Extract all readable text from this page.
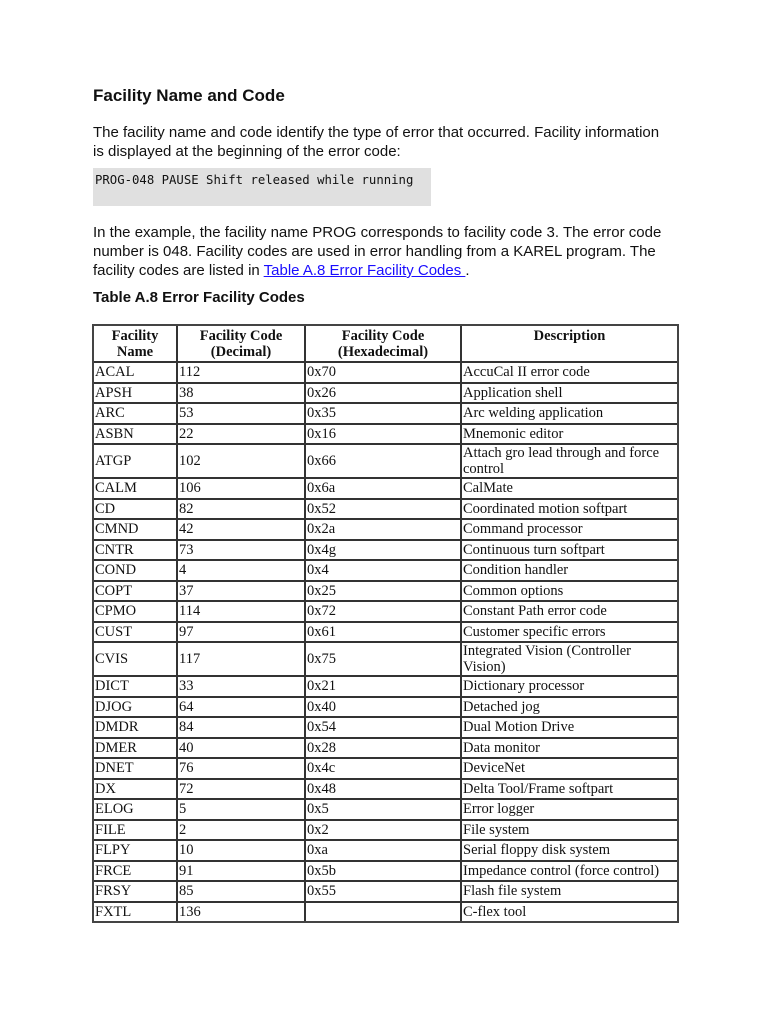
Facility Name and Code

The facility name and code identify the type of error that occurred. Facility information is displayed at the beginning of the error code:

PROG-048 PAUSE Shift released while running

In the example, the facility name PROG corresponds to facility code 3. The error code number is 048. Facility codes are used in error handling from a KAREL program. The facility codes are listed in Table A.8 Error Facility Codes .

Table A.8 Error Facility Codes
Facility Name	Facility Code (Decimal)	Facility Code (Hexadecimal)	Description
ACAL	112	0x70	AccuCal II error code
APSH	38	0x26	Application shell
ARC	53	0x35	Arc welding application
ASBN	22	0x16	Mnemonic editor
ATGP	102	0x66	Attach gro lead through and force control
CALM	106	0x6a	CalMate
CD	82	0x52	Coordinated motion softpart
CMND	42	0x2a	Command processor
CNTR	73	0x4g	Continuous turn softpart
COND	4	0x4	Condition handler
COPT	37	0x25	Common options
CPMO	114	0x72	Constant Path error code
CUST	97	0x61	Customer specific errors
CVIS	117	0x75	Integrated Vision (Controller Vision)
DICT	33	0x21	Dictionary processor
DJOG	64	0x40	Detached jog
DMDR	84	0x54	Dual Motion Drive
DMER	40	0x28	Data monitor
DNET	76	0x4c	DeviceNet
DX	72	0x48	Delta Tool/Frame softpart
ELOG	5	0x5	Error logger
FILE	2	0x2	File system
FLPY	10	0xa	Serial floppy disk system
FRCE	91	0x5b	Impedance control (force control)
FRSY	85	0x55	Flash file system
FXTL	136		C-flex tool
